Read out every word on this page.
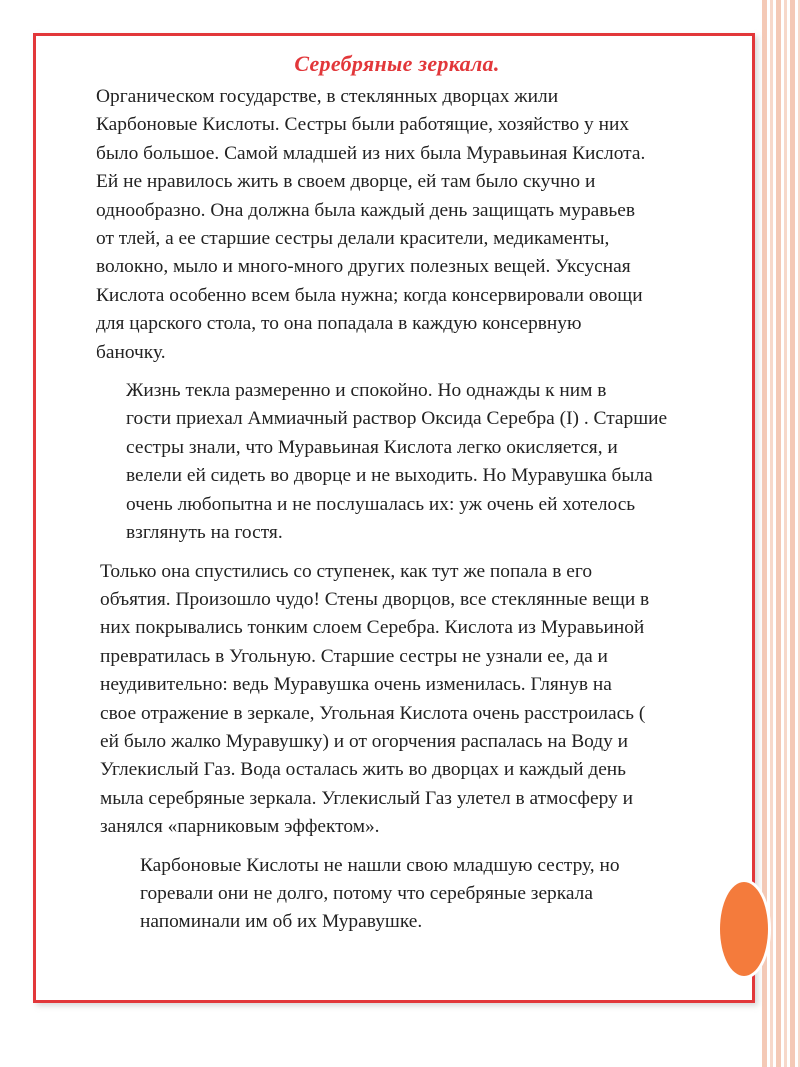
Серебряные зеркала.

Органическом государстве, в стеклянных дворцах жили
Карбоновые Кислоты. Сестры были работящие, хозяйство у них
было большое. Самой младшей из них была Муравьиная Кислота.
Ей не нравилось жить в своем дворце, ей там было скучно и
однообразно. Она должна была каждый день защищать муравьев
от тлей, а ее старшие сестры делали красители, медикаменты,
волокно, мыло и много-много других полезных вещей. Уксусная
Кислота особенно всем была нужна; когда консервировали овощи
для царского стола, то она попадала в каждую консервную
баночку.

Жизнь текла размеренно и спокойно. Но однажды к ним в
гости приехал Аммиачный раствор Оксида Серебра (I) . Старшие
сестры знали, что Муравьиная Кислота легко окисляется, и
велели ей сидеть во дворце и не выходить. Но Муравушка была
очень любопытна и не послушалась их: уж очень ей хотелось
взглянуть на гостя.

Только она спустились со ступенек, как тут же попала в его
объятия. Произошло чудо! Стены дворцов, все стеклянные вещи в
них покрывались тонким слоем Серебра. Кислота из Муравьиной
превратилась в Угольную. Старшие сестры не узнали ее, да и
неудивительно: ведь Муравушка очень изменилась. Глянув на
свое отражение в зеркале, Угольная Кислота очень расстроилась (
ей было жалко Муравушку) и от огорчения распалась на Воду и
Углекислый Газ. Вода осталась жить во дворцах и каждый день
мыла серебряные зеркала. Углекислый Газ улетел в атмосферу и
занялся «парниковым эффектом».

Карбоновые Кислоты не нашли свою младшую сестру, но
горевали они не долго, потому что серебряные зеркала
напоминали им об их Муравушке.
